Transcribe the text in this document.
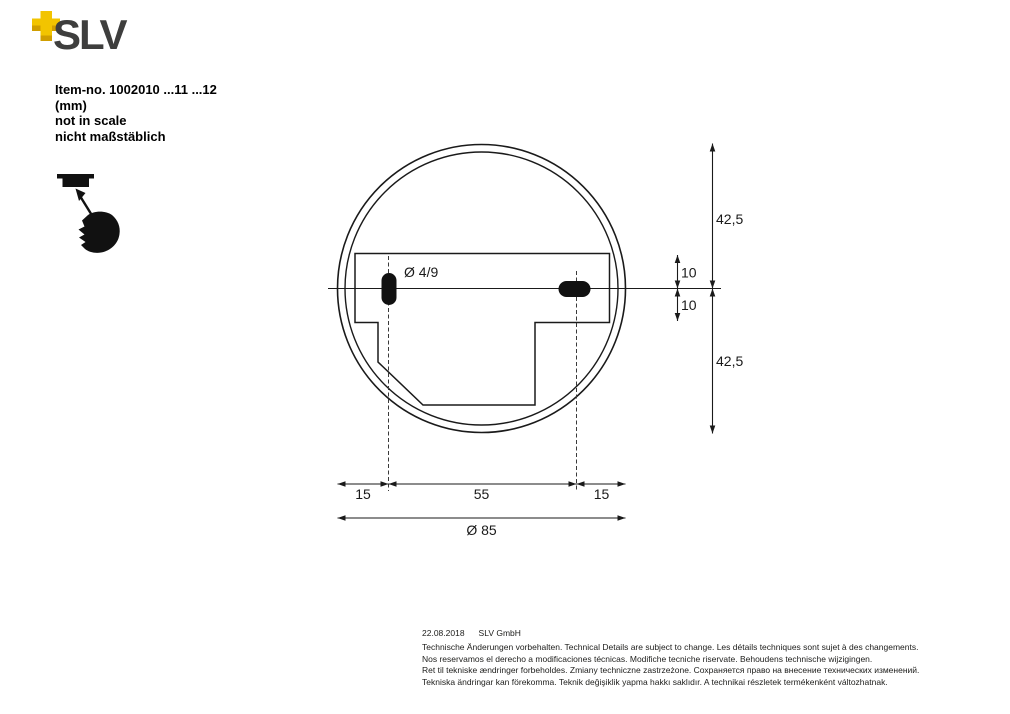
SLV
Item-no. 1002010 ...11 ...12
(mm)
not in scale
nicht maßstäblich
Ø 4/9	10
10
42,5
42,5
15	55	15
Ø 85
22.08.2018 SLV GmbH
Technische Änderungen vorbehalten. Technical Details are subject to change. Les détails techniques sont sujet à des changements.
Nos reservamos el derecho a modificaciones técnicas. Modifiche tecniche riservate. Behoudens technische wijzigingen.
Ret til tekniske ændringer forbeholdes. Zmiany techniczne zastrzeżone. Сохраняется право на внесение технических изменений.
Tekniska ändringar kan förekomma. Teknik değişiklik yapma hakkı saklıdır. A technikai részletek termékenként változhatnak.
